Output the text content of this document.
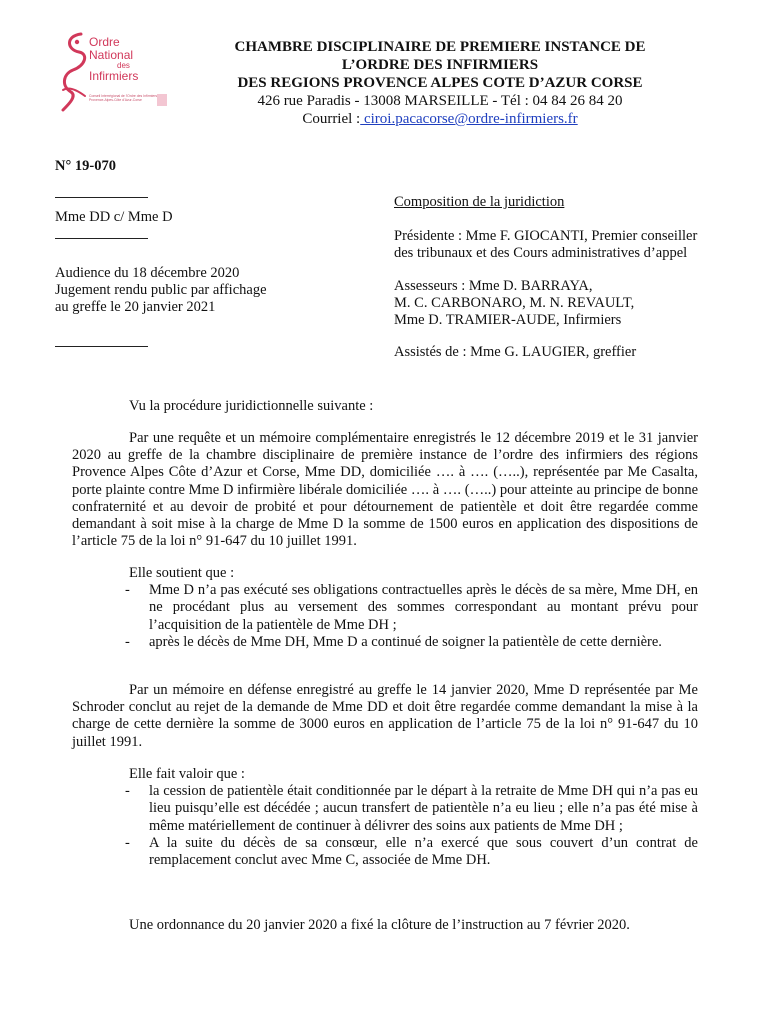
Ordre
National
des
Infirmiers
Conseil Interrégional de l'Ordre des Infirmiers Provence-Alpes-Côte d'Azur-Corse
CHAMBRE DISCIPLINAIRE DE PREMIERE INSTANCE DE
L’ORDRE DES INFIRMIERS
DES REGIONS PROVENCE ALPES COTE D’AZUR CORSE
426 rue Paradis - 13008 MARSEILLE - Tél : 04 84 26 84 20
Courriel : ciroi.pacacorse@ordre-infirmiers.fr
N° 19-070
Mme DD c/ Mme D
Audience du 18 décembre 2020
Jugement rendu public par affichage
au greffe le 20 janvier 2021
Composition de la juridiction
Présidente : Mme F. GIOCANTI, Premier conseiller
des tribunaux et des Cours administratives d’appel
Assesseurs : Mme D. BARRAYA,
M. C. CARBONARO, M. N. REVAULT,
Mme D. TRAMIER-AUDE, Infirmiers
Assistés de : Mme G. LAUGIER, greffier
Vu la procédure juridictionnelle suivante :

Par une requête et un mémoire complémentaire enregistrés le 12 décembre 2019 et le 31 janvier 2020 au greffe de la chambre disciplinaire de première instance de l’ordre des infirmiers des régions Provence Alpes Côte d’Azur et Corse, Mme DD, domiciliée …. à …. (…..), représentée par Me Casalta, porte plainte contre Mme D infirmière libérale domiciliée …. à …. (…..) pour atteinte au principe de bonne confraternité et au devoir de probité et pour détournement de patientèle et doit être regardée comme demandant à soit mise à la charge de Mme D la somme de 1500 euros en application des dispositions de l’article 75 de la loi n° 91-647 du 10 juillet 1991.

Elle soutient que :
- Mme D n’a pas exécuté ses obligations contractuelles après le décès de sa mère, Mme DH, en ne procédant plus au versement des sommes correspondant au montant prévu pour l’acquisition de la patientèle de Mme DH ;
- après le décès de Mme DH, Mme D a continué de soigner la patientèle de cette dernière.

Par un mémoire en défense enregistré au greffe le 14 janvier 2020, Mme D représentée par Me Schroder conclut au rejet de la demande de Mme DD et doit être regardée comme demandant la mise à la charge de cette dernière la somme de 3000 euros en application de l’article 75 de la loi n° 91-647 du 10 juillet 1991.

Elle fait valoir que :
- la cession de patientèle était conditionnée par le départ à la retraite de Mme DH qui n’a pas eu lieu puisqu’elle est décédée ; aucun transfert de patientèle n’a eu lieu ; elle n’a pas été mise à même matériellement de continuer à délivrer des soins aux patients de Mme DH ;
- A la suite du décès de sa consœur, elle n’a exercé que sous couvert d’un contrat de remplacement conclut avec Mme C, associée de Mme DH.
Une ordonnance du 20 janvier 2020 a fixé la clôture de l’instruction au 7 février 2020.
